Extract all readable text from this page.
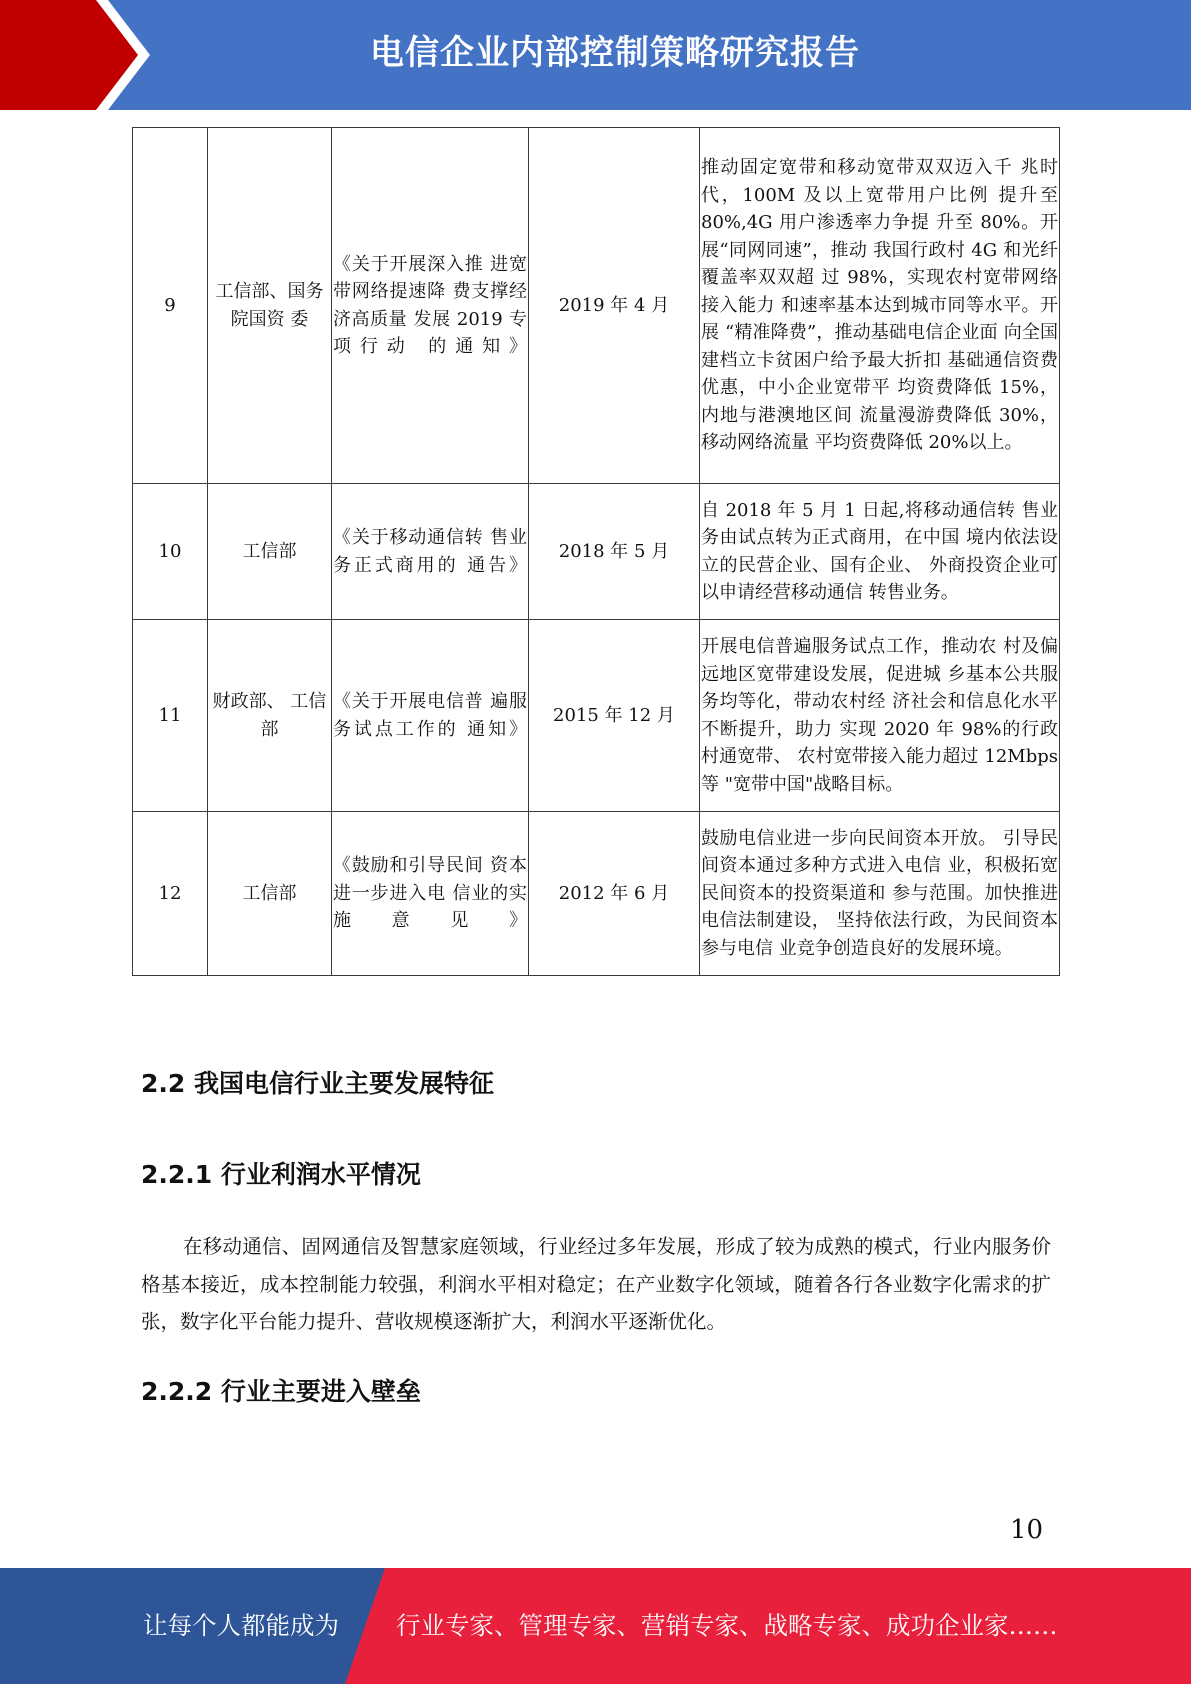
电信企业内部控制策略研究报告
9	工信部、国务院国资 委	《关于开展深入推 进宽带网络提速降 费支撑经济高质量 发展 2019 专项行动 的通知》	2019 年 4 月	推动固定宽带和移动宽带双双迈入千 兆时代，100M 及以上宽带用户比例 提升至80%,4G 用户渗透率力争提 升至 80%。开展“同网同速”，推动 我国行政村 4G 和光纤覆盖率双双超 过 98%，实现农村宽带网络接入能力 和速率基本达到城市同等水平。开展 “精准降费”，推动基础电信企业面 向全国建档立卡贫困户给予最大折扣 基础通信资费优惠，中小企业宽带平 均资费降低 15%，内地与港澳地区间 流量漫游费降低 30%，移动网络流量 平均资费降低 20%以上。
10	工信部	《关于移动通信转 售业务正式商用的 通告》	2018 年 5 月	自 2018 年 5 月 1 日起,将移动通信转 售业务由试点转为正式商用，在中国 境内依法设立的民营企业、国有企业、 外商投资企业可以申请经营移动通信 转售业务。
11	财政部、 工信部	《关于开展电信普 遍服务试点工作的 通知》	2015 年 12 月	开展电信普遍服务试点工作，推动农 村及偏远地区宽带建设发展，促进城 乡基本公共服务均等化，带动农村经 济社会和信息化水平不断提升，助力 实现 2020 年 98%的行政村通宽带、 农村宽带接入能力超过 12Mbps 等 "宽带中国"战略目标。
12	工信部	《鼓励和引导民间 资本进一步进入电 信业的实施意见》	2012 年 6 月	鼓励电信业进一步向民间资本开放。 引导民间资本通过多种方式进入电信 业，积极拓宽民间资本的投资渠道和 参与范围。加快推进电信法制建设， 坚持依法行政，为民间资本参与电信 业竞争创造良好的发展环境。
2.2 我国电信行业主要发展特征
2.2.1 行业利润水平情况

在移动通信、固网通信及智慧家庭领域，行业经过多年发展，形成了较为成熟的模式，行业内服务价格基本接近，成本控制能力较强，利润水平相对稳定；在产业数字化领域，随着各行各业数字化需求的扩张，数字化平台能力提升、营收规模逐渐扩大，利润水平逐渐优化。

2.2.2 行业主要进入壁垒
10
让每个人都能成为 行业专家、管理专家、营销专家、战略专家、成功企业家……
